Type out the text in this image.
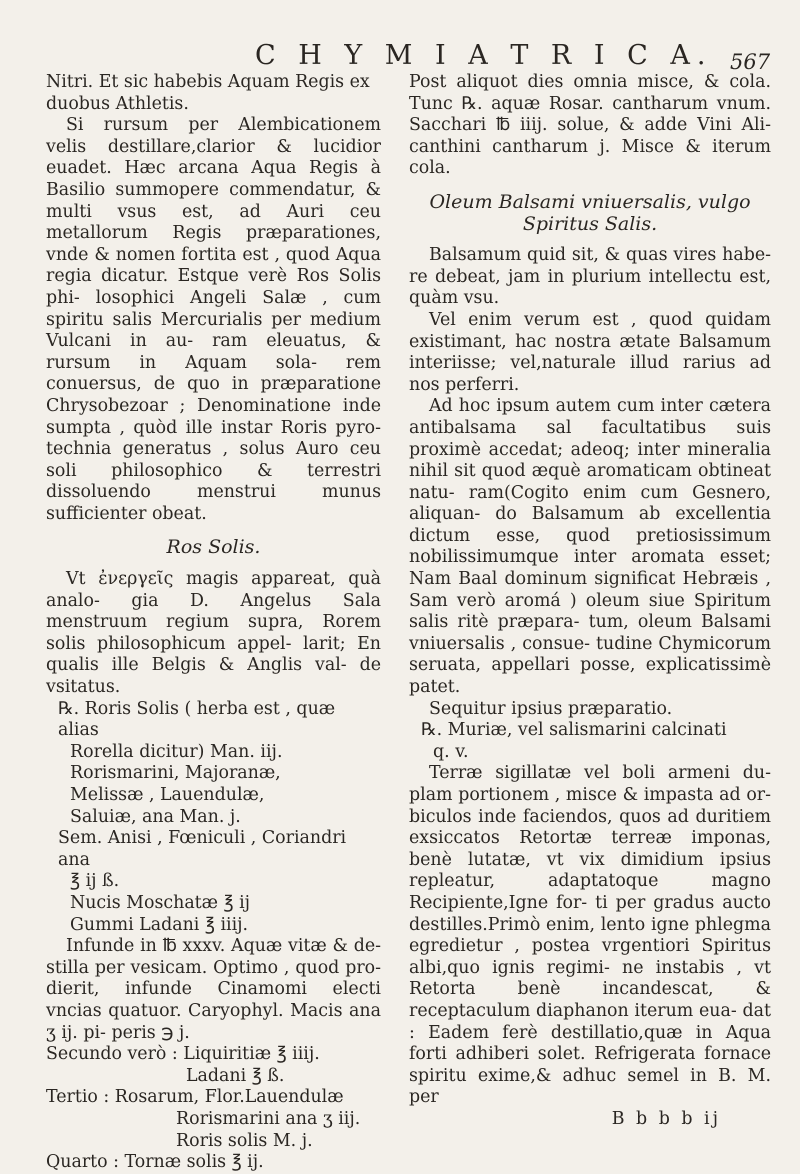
C H Y M I A T R I C A. 567

Nitri. Et sic habebis Aquam Regis ex
duobus Athletis.

Si rursum per Alembicationem velis destillare,clarior & lucidior euadet. Hæc arcana Aqua Regis à Basilio summopere commendatur, & multi vsus est, ad Auri ceu metallorum Regis præparationes, vnde & nomen fortita est , quod Aqua regia dicatur. Estque verè Ros Solis phi- losophici Angeli Salæ , cum spiritu salis Mercurialis per medium Vulcani in au- ram eleuatus, & rursum in Aquam sola- rem conuersus, de quo in præparatione Chrysobezoar ; Denominatione inde sumpta , quòd ille instar Roris pyro- technia generatus , solus Auro ceu soli philosophico & terrestri dissoluendo	menstrui munus sufficienter obeat.

Ros Solis.

Vt ἐνεργεῖς magis appareat, quà analo- gia D. Angelus Sala menstruum regium supra, Rorem solis philosophicum appel- larit; En qualis ille Belgis & Anglis val- de vsitatus.

℞. Roris Solis ( herba est , quæ alias
Rorella dicitur) Man. iij.
Rorismarini, Majoranæ,
Melissæ , Lauendulæ,
Saluiæ, ana Man. j.
Sem. Anisi , Fœniculi , Coriandri ana
℥ ij ß.
Nucis Moschatæ ℥ ij
Gummi Ladani ℥ iiij.

Infunde in ℔ xxxv. Aquæ vitæ & de- stilla per vesicam. Optimo , quod pro- dierit, infunde Cinamomi electi vncias quatuor. Caryophyl. Macis ana ʒ ij. pi- peris ℈ j.

Secundo verò : Liquiritiæ ℥ iiij.
Ladani ℥ ß.
Tertio : Rosarum, Flor.Lauendulæ
Rorismarini ana ʒ iij.
Roris solis M. j.
Quarto : Tornæ solis ℥ ij.

Post aliquot dies omnia misce, & cola. Tunc ℞. aquæ Rosar. cantharum vnum. Sacchari ℔ iiij. solue, & adde Vini Ali- canthini cantharum j. Misce & iterum cola.

Oleum Balsami vniuersalis, vulgo
Spiritus Salis.

Balsamum quid sit, & quas vires habe- re debeat, jam in plurium intellectu est, quàm vsu.

Vel enim verum est , quod quidam existimant, hac nostra ætate Balsamum interiisse; vel,naturale illud rarius ad nos perferri.

Ad hoc ipsum autem cum inter cætera antibalsama sal facultatibus suis proximè accedat; adeoq; inter mineralia nihil sit quod æquè aromaticam obtineat natu- ram(Cogito enim cum Gesnero, aliquan- do Balsamum ab excellentia dictum esse, quod pretiosissimum nobilissimumque inter aromata esset; Nam Baal dominum significat Hebræis , Sam verò aromá ) oleum siue Spiritum salis ritè præpara- tum, oleum Balsami vniuersalis , consue- tudine Chymicorum seruata, appellari posse, explicatissimè patet.

Sequitur ipsius præparatio.

℞. Muriæ, vel salismarini calcinati
q. v.

Terræ sigillatæ vel boli armeni du- plam portionem , misce & impasta ad or- biculos inde faciendos, quos ad duritiem exsiccatos Retortæ terreæ imponas, benè lutatæ, vt vix dimidium ipsius repleatur,	adaptatoque magno Recipiente,Igne for- ti per gradus aucto destilles.Primò enim, lento igne phlegma egredietur , postea vrgentiori Spiritus albi,quo ignis regimi- ne instabis , vt Retorta benè incandescat, & receptaculum diaphanon iterum eua- dat : Eadem ferè destillatio,quæ in Aqua forti adhiberi solet. Refrigerata fornace spiritu exime,& adhuc semel in B. M. per

B b b b ij
